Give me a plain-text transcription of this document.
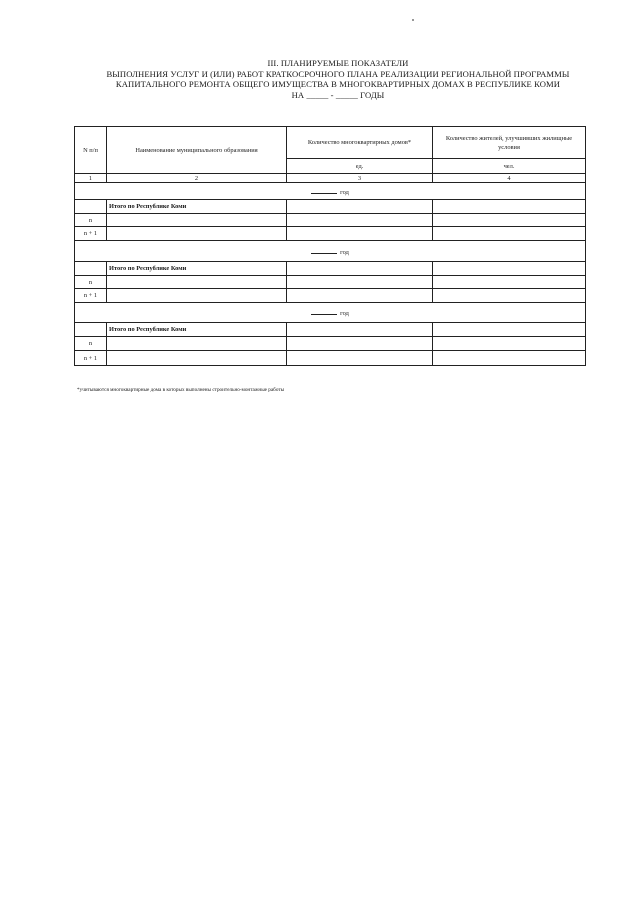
III. ПЛАНИРУЕМЫЕ ПОКАЗАТЕЛИ
ВЫПОЛНЕНИЯ УСЛУГ И (ИЛИ) РАБОТ КРАТКОСРОЧНОГО ПЛАНА РЕАЛИЗАЦИИ РЕГИОНАЛЬНОЙ ПРОГРАММЫ
КАПИТАЛЬНОГО РЕМОНТА ОБЩЕГО ИМУЩЕСТВА В МНОГОКВАРТИРНЫХ ДОМАХ В РЕСПУБЛИКЕ КОМИ
НА _____ - _____ ГОДЫ
N п/п	Наименование муниципального образования	Количество многоквартирных домов*	Количество жителей, улучшивших жилищные условия
		ед.	чел.
1	2	3	4
год			
	Итого по Республике Коми		
n			
n + 1			
год			
	Итого по Республике Коми		
n			
n + 1			
год			
	Итого по Республике Коми		
n			
n + 1			
*учитываются многоквартирные дома в которых выполнены строительно-монтажные работы
